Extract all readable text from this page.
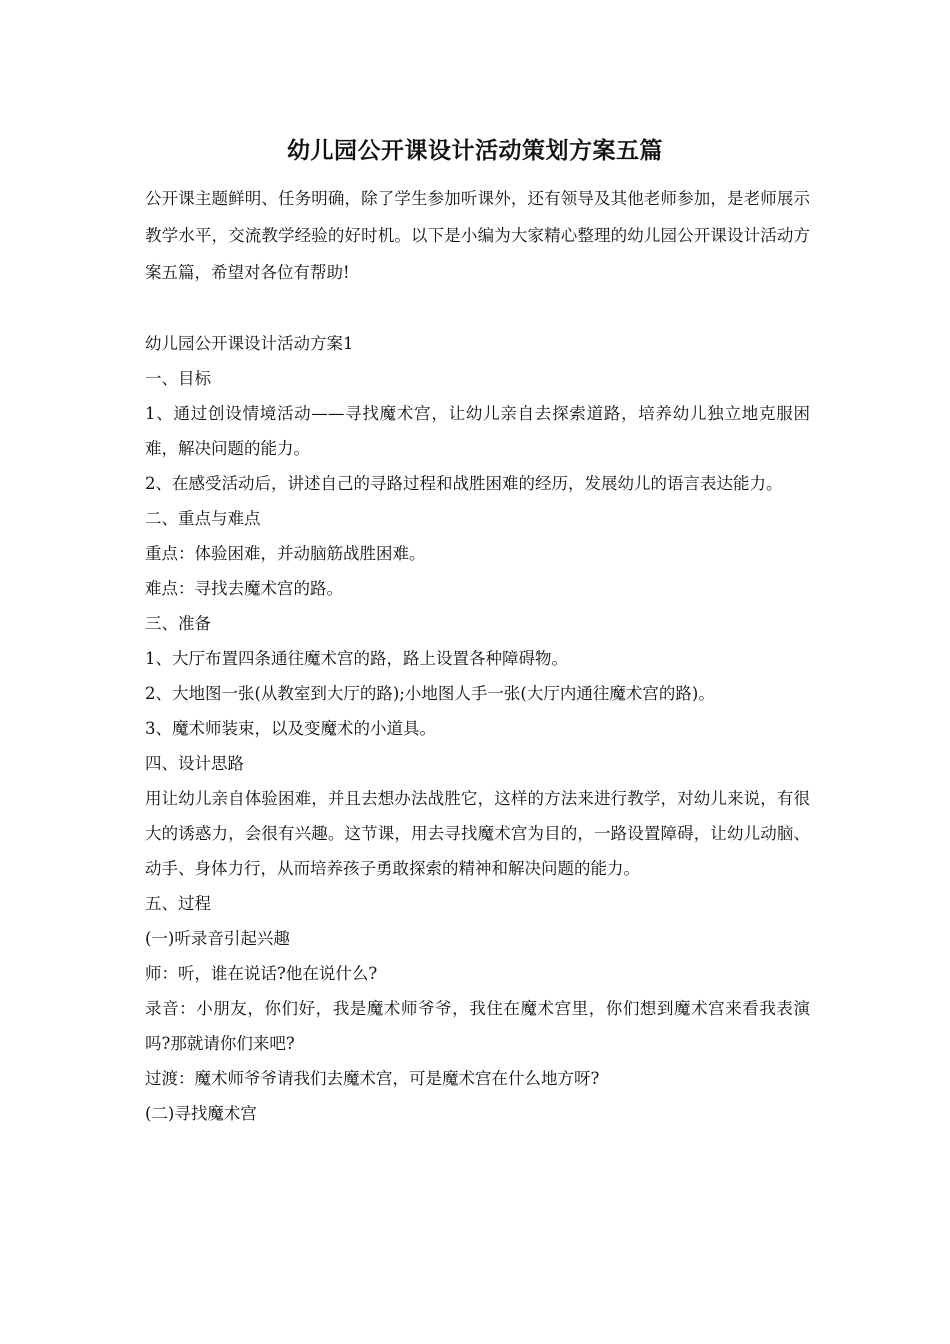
幼儿园公开课设计活动策划方案五篇

公开课主题鲜明、任务明确，除了学生参加听课外，还有领导及其他老师参加，是老师展示教学水平，交流教学经验的好时机。以下是小编为大家精心整理的幼儿园公开课设计活动方案五篇，希望对各位有帮助!

幼儿园公开课设计活动方案1

一、目标

1、通过创设情境活动——寻找魔术宫，让幼儿亲自去探索道路，培养幼儿独立地克服困难，解决问题的能力。

2、在感受活动后，讲述自己的寻路过程和战胜困难的经历，发展幼儿的语言表达能力。

二、重点与难点

重点：体验困难，并动脑筋战胜困难。

难点：寻找去魔术宫的路。

三、准备

1、大厅布置四条通往魔术宫的路，路上设置各种障碍物。

2、大地图一张(从教室到大厅的路);小地图人手一张(大厅内通往魔术宫的路)。

3、魔术师装束，以及变魔术的小道具。

四、设计思路

用让幼儿亲自体验困难，并且去想办法战胜它，这样的方法来进行教学，对幼儿来说，有很大的诱惑力，会很有兴趣。这节课，用去寻找魔术宫为目的，一路设置障碍，让幼儿动脑、动手、身体力行，从而培养孩子勇敢探索的精神和解决问题的能力。

五、过程

(一)听录音引起兴趣

师：听，谁在说话?他在说什么?

录音：小朋友，你们好，我是魔术师爷爷，我住在魔术宫里，你们想到魔术宫来看我表演吗?那就请你们来吧?

过渡：魔术师爷爷请我们去魔术宫，可是魔术宫在什么地方呀?

(二)寻找魔术宫
